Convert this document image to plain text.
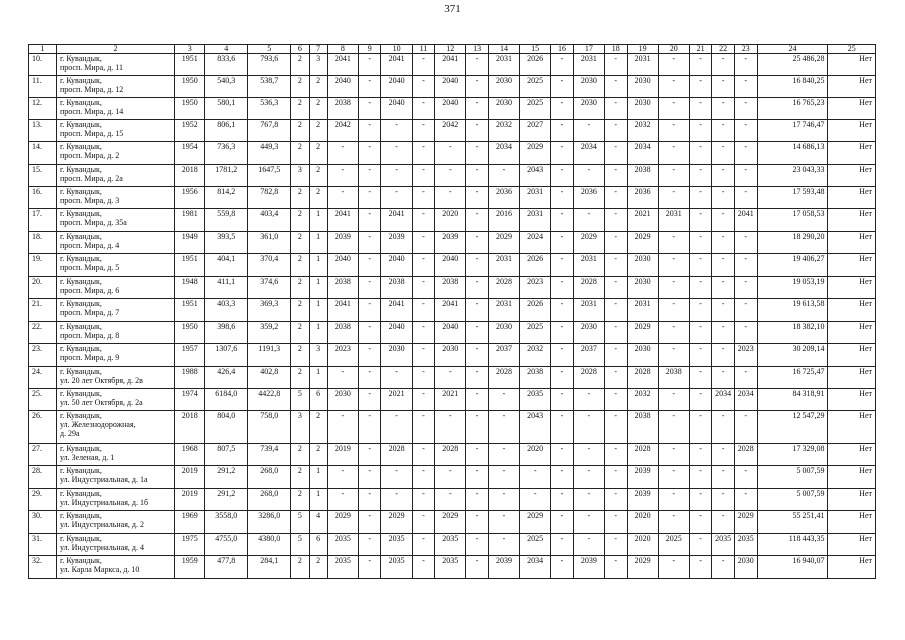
371
1	2	3	4	5	6	7	8	9	10	11	12	13	14	15	16	17	18	19	20	21	22	23	24	25
10.	г. Кувандык,
просп. Мира, д. 11	1951	833,6	793,6	2	3	2041	-	2041	-	2041	-	2031	2026	-	2031	-	2031	-	-	-	-	25 486,28	Нет
11.	г. Кувандык,
просп. Мира, д. 12	1950	540,3	538,7	2	2	2040	-	2040	-	2040	-	2030	2025	-	2030	-	2030	-	-	-	-	16 840,25	Нет
12.	г. Кувандык,
просп. Мира, д. 14	1950	580,1	536,3	2	2	2038	-	2040	-	2040	-	2030	2025	-	2030	-	2030	-	-	-	-	16 765,23	Нет
13.	г. Кувандык,
просп. Мира, д. 15	1952	806,1	767,8	2	2	2042	-	-	-	2042	-	2032	2027	-	-	-	2032	-	-	-	-	17 746,47	Нет
14.	г. Кувандык,
просп. Мира, д. 2	1954	736,3	449,3	2	2	-	-	-	-	-	-	2034	2029	-	2034	-	2034	-	-	-	-	14 686,13	Нет
15.	г. Кувандык,
просп. Мира, д. 2а	2018	1781,2	1647,5	3	2	-	-	-	-	-	-	-	2043	-	-	-	2038	-	-	-	-	23 043,33	Нет
16.	г. Кувандык,
просп. Мира, д. 3	1956	814,2	782,8	2	2	-	-	-	-	-	-	2036	2031	-	2036	-	2036	-	-	-	-	17 593,48	Нет
17.	г. Кувандык,
просп. Мира, д. 35а	1981	559,8	403,4	2	1	2041	-	2041	-	2020	-	2016	2031	-	-	-	2021	2031	-	-	2041	17 058,53	Нет
18.	г. Кувандык,
просп. Мира, д. 4	1949	393,5	361,0	2	1	2039	-	2039	-	2039	-	2029	2024	-	2029	-	2029	-	-	-	-	18 290,20	Нет
19.	г. Кувандык,
просп. Мира, д. 5	1951	404,1	370,4	2	1	2040	-	2040	-	2040	-	2031	2026	-	2031	-	2030	-	-	-	-	19 406,27	Нет
20.	г. Кувандык,
просп. Мира, д. 6	1948	411,1	374,6	2	1	2038	-	2038	-	2038	-	2028	2023	-	2028	-	2030	-	-	-	-	19 053,19	Нет
21.	г. Кувандык,
просп. Мира, д. 7	1951	403,3	369,3	2	1	2041	-	2041	-	2041	-	2031	2026	-	2031	-	2031	-	-	-	-	19 613,58	Нет
22.	г. Кувандык,
просп. Мира, д. 8	1950	398,6	359,2	2	1	2038	-	2040	-	2040	-	2030	2025	-	2030	-	2029	-	-	-	-	18 382,10	Нет
23.	г. Кувандык,
просп. Мира, д. 9	1957	1307,6	1191,3	2	3	2023	-	2030	-	2030	-	2037	2032	-	2037	-	2030	-	-	-	2023	30 209,14	Нет
24.	г. Кувандык,
ул. 20 лет Октября, д. 2в	1988	426,4	402,8	2	1	-	-	-	-	-	-	2028	2038	-	2028	-	2028	2038	-	-	-	16 725,47	Нет
25.	г. Кувандык,
ул. 50 лет Октября, д. 2а	1974	6184,0	4422,8	5	6	2030	-	2021	-	2021	-	-	2035	-	-	-	2032	-	-	2034	2034	84 318,91	Нет
26.	г. Кувандык,
ул. Железнодорожная,
д. 29а	2018	804,0	758,0	3	2	-	-	-	-	-	-	-	2043	-	-	-	2038	-	-	-	-	12 547,29	Нет
27.	г. Кувандык,
ул. Зеленая, д. 1	1968	807,5	739,4	2	2	2019	-	2028	-	2028	-	-	2020	-	-	-	2028	-	-	-	2028	17 329,08	Нет
28.	г. Кувандык,
ул. Индустриальная, д. 1а	2019	291,2	268,0	2	1	-	-	-	-	-	-	-	-	-	-	-	2039	-	-	-	-	5 007,59	Нет
29.	г. Кувандык,
ул. Индустриальная, д. 1б	2019	291,2	268,0	2	1	-	-	-	-	-	-	-	-	-	-	-	2039	-	-	-	-	5 007,59	Нет
30.	г. Кувандык,
ул. Индустриальная, д. 2	1969	3558,0	3286,0	5	4	2029	-	2029	-	2029	-	-	2029	-	-	-	2020	-	-	-	2029	55 251,41	Нет
31.	г. Кувандык,
ул. Индустриальная, д. 4	1975	4755,0	4380,0	5	6	2035	-	2035	-	2035	-	-	2025	-	-	-	2020	2025	-	2035	2035	118 443,35	Нет
32.	г. Кувандык,
ул. Карла Маркса, д. 10	1959	477,8	284,1	2	2	2035	-	2035	-	2035	-	2039	2034	-	2039	-	2029	-	-	-	2030	16 940,07	Нет
